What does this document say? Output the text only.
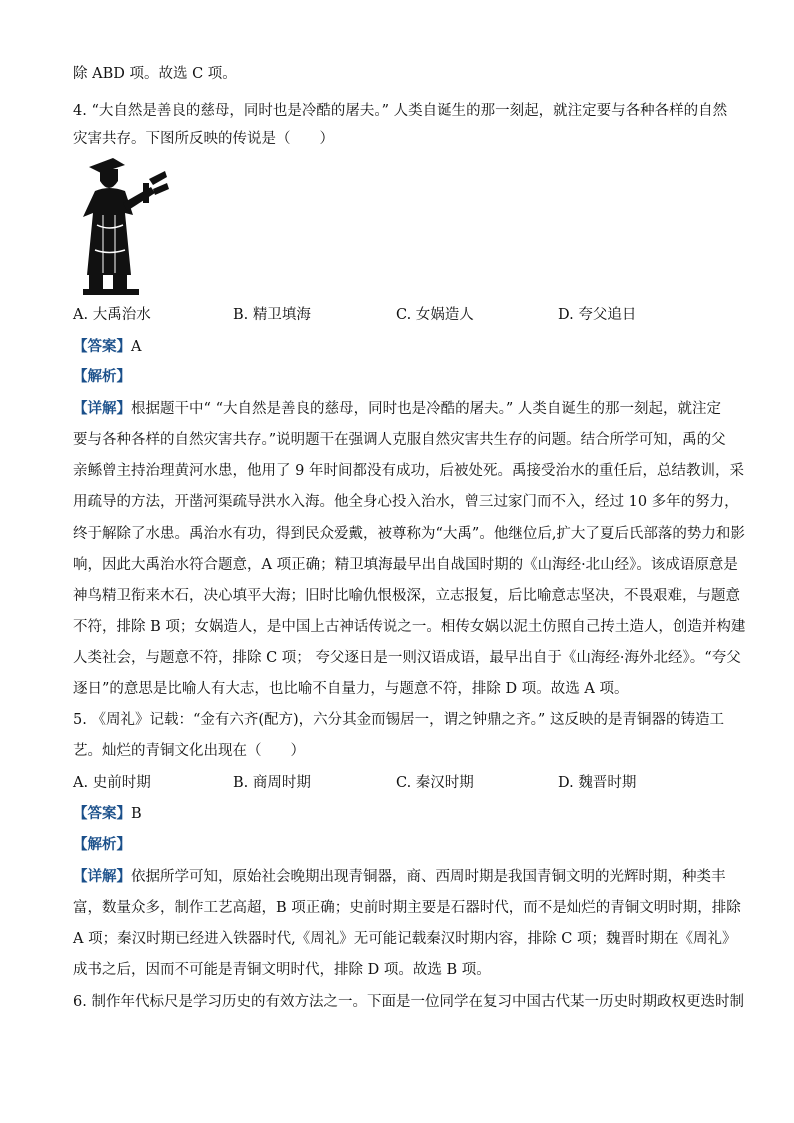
除 ABD 项。故选 C 项。
4. “大自然是善良的慈母，同时也是冷酷的屠夫。” 人类自诞生的那一刻起，就注定要与各种各样的自然
灾害共存。下图所反映的传说是（　　）
A. 大禹治水	B. 精卫填海	C. 女娲造人	D. 夸父追日
【答案】A
【解析】
【详解】根据题干中“ “大自然是善良的慈母，同时也是冷酷的屠夫。” 人类自诞生的那一刻起，就注定
要与各种各样的自然灾害共存。”说明题干在强调人克服自然灾害共生存的问题。结合所学可知，禹的父
亲鲧曾主持治理黄河水患，他用了 9 年时间都没有成功，后被处死。禹接受治水的重任后，总结教训，采
用疏导的方法，开凿河渠疏导洪水入海。他全身心投入治水，曾三过家门而不入，经过 10 多年的努力，
终于解除了水患。禹治水有功，得到民众爱戴，被尊称为“大禹”。他继位后,扩大了夏后氏部落的势力和影
响，因此大禹治水符合题意，A 项正确；精卫填海最早出自战国时期的《山海经·北山经》。该成语原意是
神鸟精卫衔来木石，决心填平大海；旧时比喻仇恨极深，立志报复，后比喻意志坚决，不畏艰难，与题意
不符，排除 B 项；女娲造人，是中国上古神话传说之一。相传女娲以泥土仿照自己抟土造人，创造并构建
人类社会，与题意不符，排除 C 项； 夸父逐日是一则汉语成语，最早出自于《山海经·海外北经》。“夸父
逐日”的意思是比喻人有大志，也比喻不自量力，与题意不符，排除 D 项。故选 A 项。
5. 《周礼》记载：“金有六齐(配方)，六分其金而锡居一，谓之钟鼎之齐。” 这反映的是青铜器的铸造工
艺。灿烂的青铜文化出现在（　　）
A. 史前时期	B. 商周时期	C. 秦汉时期	D. 魏晋时期
【答案】B
【解析】
【详解】依据所学可知，原始社会晚期出现青铜器，商、西周时期是我国青铜文明的光辉时期，种类丰
富，数量众多，制作工艺高超，B 项正确；史前时期主要是石器时代，而不是灿烂的青铜文明时期，排除
A 项；秦汉时期已经进入铁器时代,《周礼》无可能记载秦汉时期内容，排除 C 项；魏晋时期在《周礼》
成书之后，因而不可能是青铜文明时代，排除 D 项。故选 B 项。
6. 制作年代标尺是学习历史的有效方法之一。下面是一位同学在复习中国古代某一历史时期政权更迭时制
